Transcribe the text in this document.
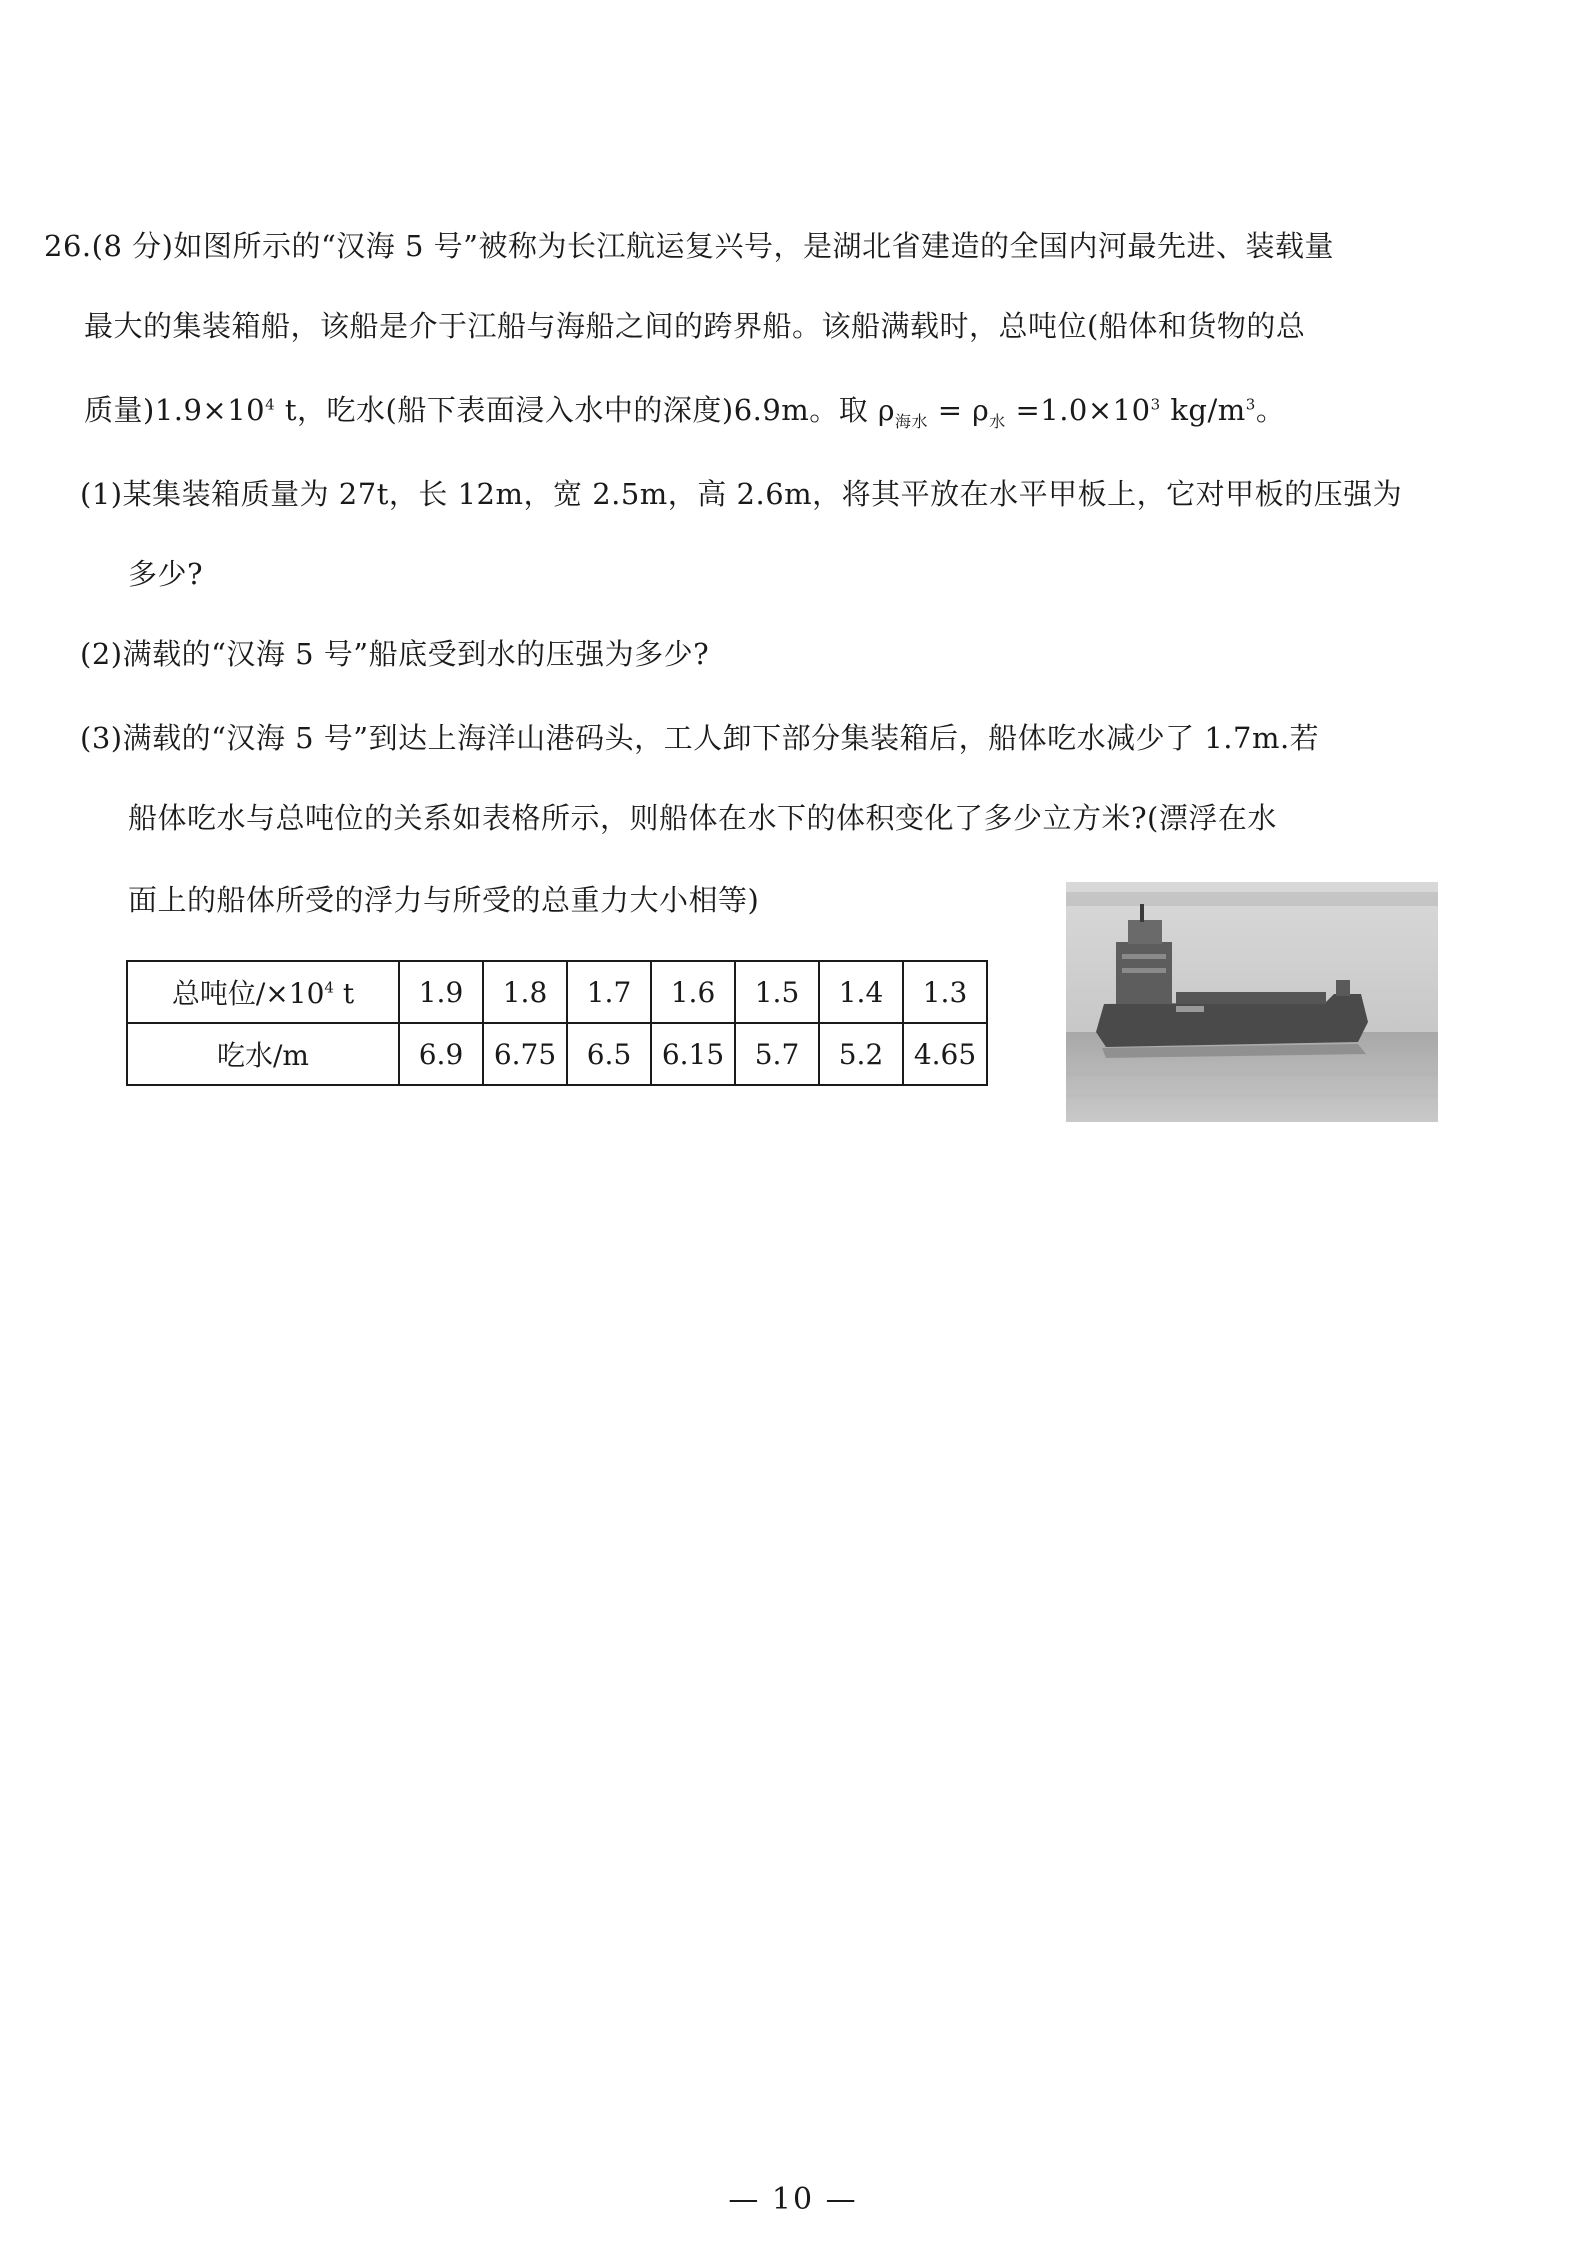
26.(8 分)如图所示的“汉海 5 号”被称为长江航运复兴号，是湖北省建造的全国内河最先进、装载量
最大的集装箱船，该船是介于江船与海船之间的跨界船。该船满载时，总吨位(船体和货物的总
质量)$1.9\times 10^4$ t，吃水(船下表面浸入水中的深度)6.9m。取 $\rho_{海水} = \rho_水 =1.0\times 10^3$ $kg/m^3$。
(1)某集装箱质量为 27t，长 12m，宽 2.5m，高 2.6m，将其平放在水平甲板上，它对甲板的压强为
多少?
(2)满载的“汉海 5 号”船底受到水的压强为多少?
(3)满载的“汉海 5 号”到达上海洋山港码头，工人卸下部分集装箱后，船体吃水减少了 1.7m.若
船体吃水与总吨位的关系如表格所示，则船体在水下的体积变化了多少立方米?(漂浮在水
面上的船体所受的浮力与所受的总重力大小相等)
总吨位$/\times 10^4$ t	1.9	1.8	1.7	1.6	1.5	1.4	1.3
吃水/m	6.9	6.75	6.5	6.15	5.7	5.2	4.65
— 10 —
